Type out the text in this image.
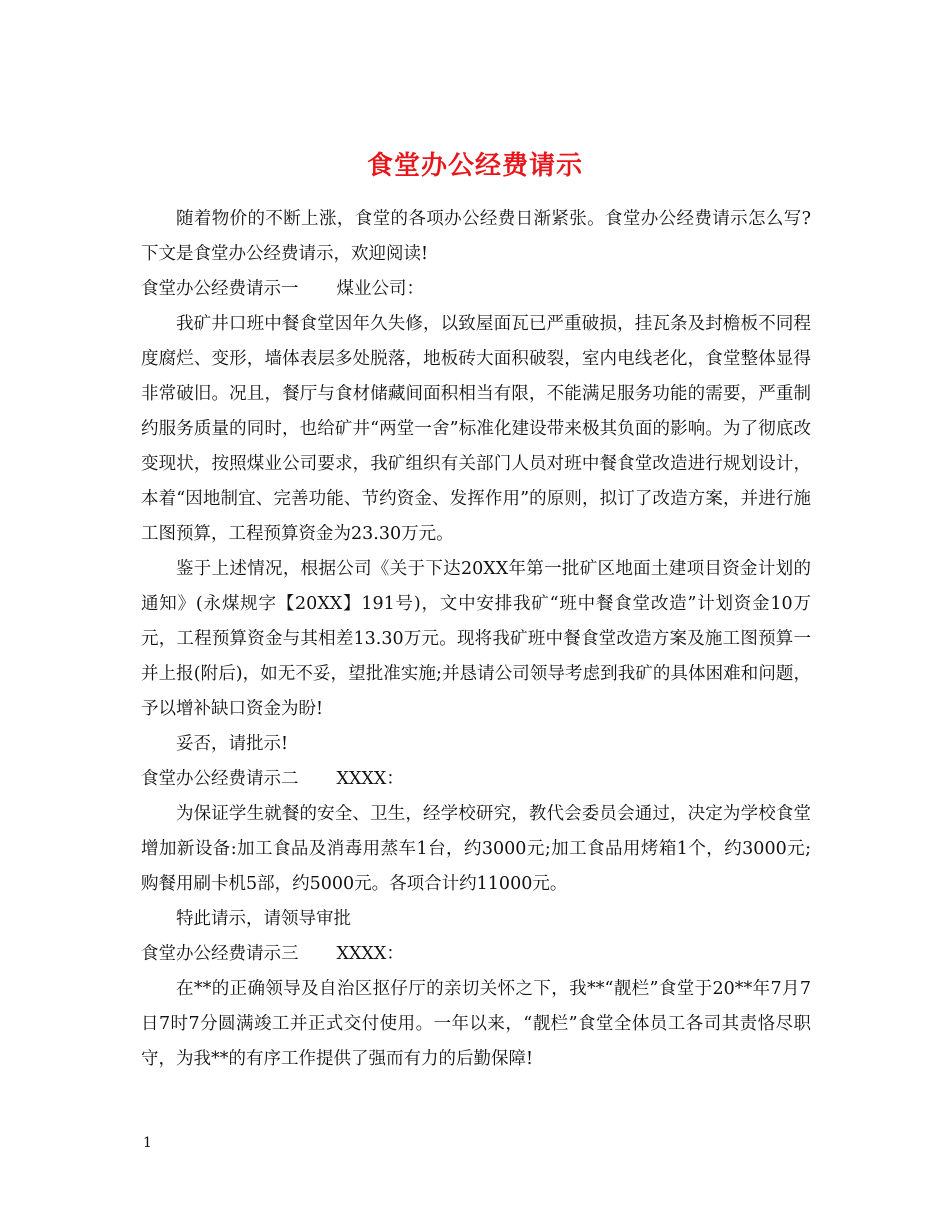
食堂办公经费请示

随着物价的不断上涨，食堂的各项办公经费日渐紧张。食堂办公经费请示怎么写?下文是食堂办公经费请示，欢迎阅读!

食堂办公经费请示一 煤业公司：

我矿井口班中餐食堂因年久失修，以致屋面瓦已严重破损，挂瓦条及封檐板不同程度腐烂、变形，墙体表层多处脱落，地板砖大面积破裂，室内电线老化，食堂整体显得非常破旧。况且，餐厅与食材储藏间面积相当有限，不能满足服务功能的需要，严重制约服务质量的同时，也给矿井“两堂一舍”标准化建设带来极其负面的影响。为了彻底改变现状，按照煤业公司要求，我矿组织有关部门人员对班中餐食堂改造进行规划设计，本着“因地制宜、完善功能、节约资金、发挥作用”的原则，拟订了改造方案，并进行施工图预算，工程预算资金为23.30万元。

鉴于上述情况，根据公司《关于下达20XX年第一批矿区地面土建项目资金计划的通知》(永煤规字【20XX】191号)，文中安排我矿“班中餐食堂改造”计划资金10万元，工程预算资金与其相差13.30万元。现将我矿班中餐食堂改造方案及施工图预算一并上报(附后)，如无不妥，望批准实施;并恳请公司领导考虑到我矿的具体困难和问题，予以增补缺口资金为盼!

妥否，请批示!

食堂办公经费请示二 XXXX：

为保证学生就餐的安全、卫生，经学校研究，教代会委员会通过，决定为学校食堂增加新设备:加工食品及消毒用蒸车1台，约3000元;加工食品用烤箱1个，约3000元;购餐用刷卡机5部，约5000元。各项合计约11000元。

特此请示，请领导审批

食堂办公经费请示三 XXXX：

在**的正确领导及自治区抠仔厅的亲切关怀之下，我**“靓栏”食堂于20**年7月7日7时7分圆满竣工并正式交付使用。一年以来，“靓栏”食堂全体员工各司其责恪尽职守，为我**的有序工作提供了强而有力的后勤保障!

1
